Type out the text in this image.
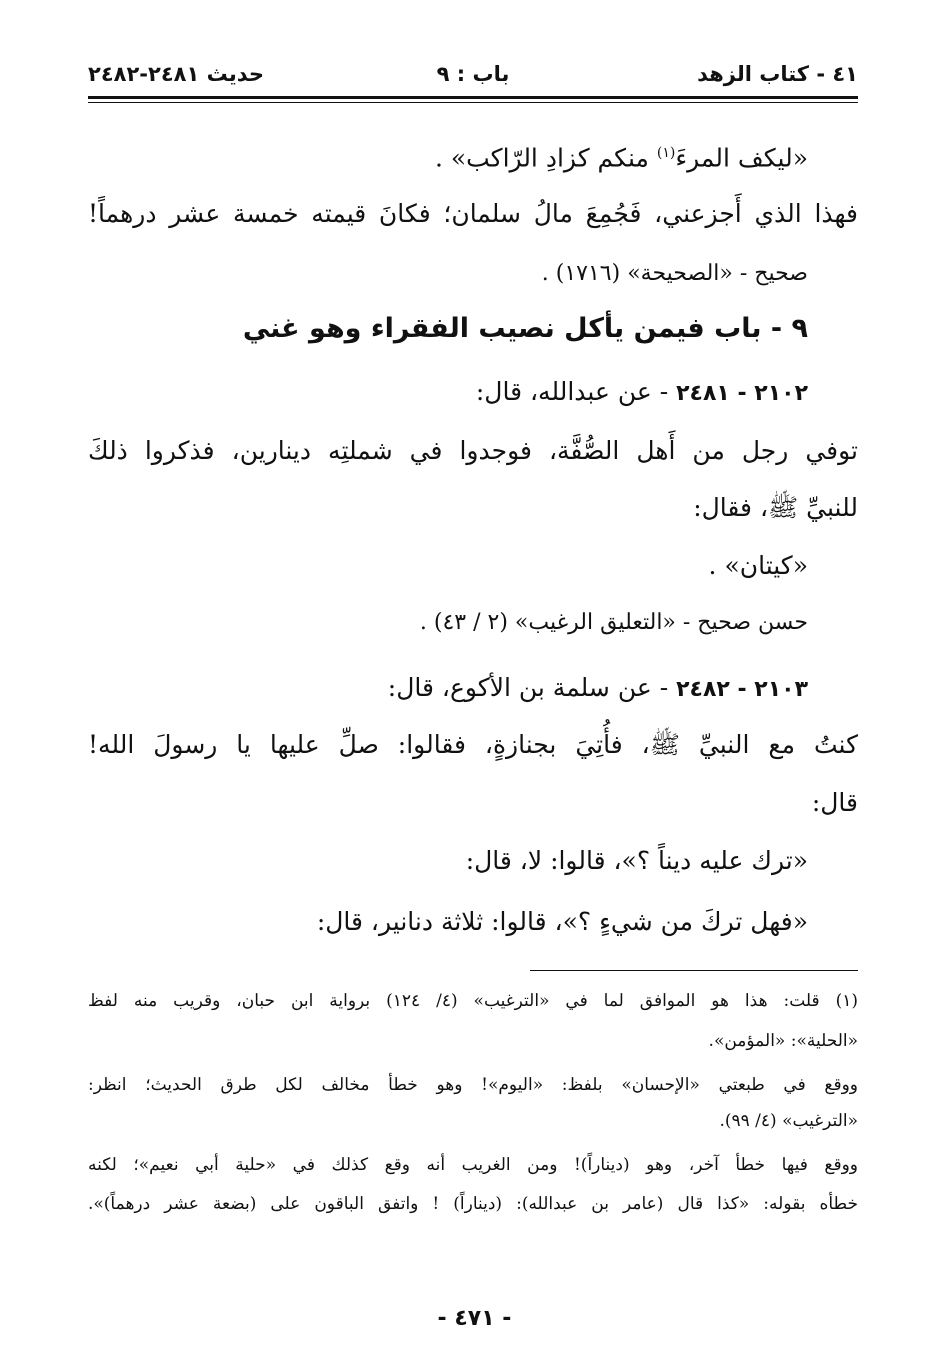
٤١ - كتاب الزهد
باب : ٩
حديث ٢٤٨١-٢٤٨٢
«ليكف المرءَ$^{(١)}$ منكم كزادِ الرّاكب» .
فهذا الذي أَجزعني، فَجُمِعَ مالُ سلمان؛ فكانَ قيمته خمسة عشر درهماً!
صحيح - «الصحيحة» (١٧١٦) .
٩ - باب فيمن يأكل نصيب الفقراء وهو غني
٢١٠٢ - ٢٤٨١ - عن عبدالله، قال:
توفي رجل من أَهل الصُّفَّة، فوجدوا في شملتِه دينارين، فذكروا ذلكَ
للنبيِّ ﷺ، فقال:
«كيتان» .
حسن صحيح - «التعليق الرغيب» (٢ / ٤٣) .
٢١٠٣ - ٢٤٨٢ - عن سلمة بن الأكوع، قال:
كنتُ مع النبيِّ ﷺ، فأُتِيَ بجنازةٍ، فقالوا: صلِّ عليها يا رسولَ الله!
قال:
«ترك عليه ديناً ؟»، قالوا: لا، قال:
«فهل تركَ من شيءٍ ؟»، قالوا: ثلاثة دنانير، قال:
(١) قلت: هذا هو الموافق لما في «الترغيب» (٤/ ١٢٤) برواية ابن حبان، وقريب منه لفظ
«الحلية»: «المؤمن».
ووقع في طبعتي «الإحسان» بلفظ: «اليوم»! وهو خطأ مخالف لكل طرق الحديث؛ انظر:
«الترغيب» (٤/ ٩٩).
ووقع فيها خطأ آخر، وهو (ديناراً)! ومن الغريب أنه وقع كذلك في «حلية أبي نعيم»؛ لكنه
خطأه بقوله: «كذا قال (عامر بن عبدالله): (ديناراً) ! واتفق الباقون على (بضعة عشر درهماً)».
- ٤٧١ -
